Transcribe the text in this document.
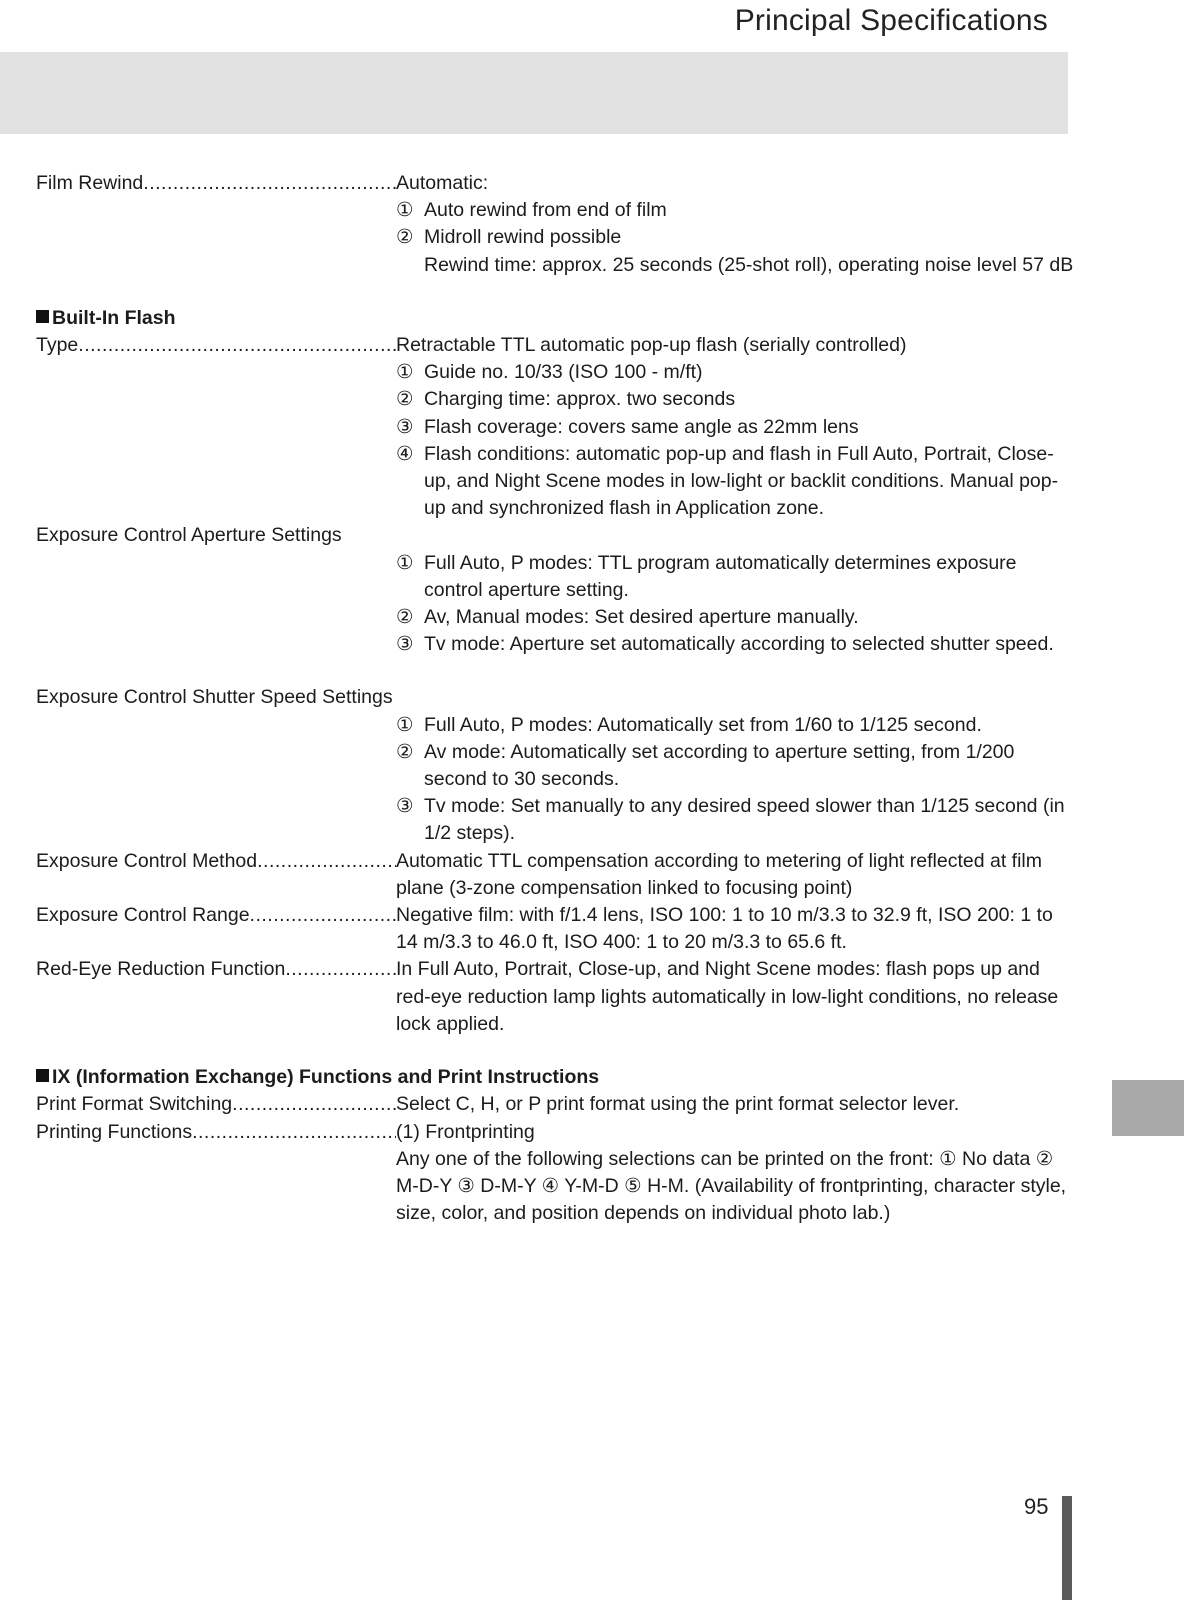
Principal Specifications
Film Rewind .....	Automatic:
① Auto rewind from end of film
② Midroll rewind possible
Rewind time: approx. 25 seconds (25-shot roll), operating noise level 57 dB
Built-In Flash
Type .....	Retractable TTL automatic pop-up flash (serially controlled)
① Guide no. 10/33 (ISO 100 - m/ft)
② Charging time: approx. two seconds
③ Flash coverage: covers same angle as 22mm lens
④ Flash conditions: automatic pop-up and flash in Full Auto, Portrait, Close-up, and Night Scene modes in low-light or backlit conditions. Manual pop-up and synchronized flash in Application zone.
Exposure Control Aperture Settings
① Full Auto, P modes: TTL program automatically determines exposure control aperture setting.
② Av, Manual modes: Set desired aperture manually.
③ Tv mode: Aperture set automatically according to selected shutter speed.
Exposure Control Shutter Speed Settings
① Full Auto, P modes: Automatically set from 1/60 to 1/125 second.
② Av mode: Automatically set according to aperture setting, from 1/200 second to 30 seconds.
③ Tv mode: Set manually to any desired speed slower than 1/125 second (in 1/2 steps).
Exposure Control Method .....	Automatic TTL compensation according to metering of light reflected at film plane (3-zone compensation linked to focusing point)
Exposure Control Range .....	Negative film: with f/1.4 lens, ISO 100: 1 to 10 m/3.3 to 32.9 ft, ISO 200: 1 to 14 m/3.3 to 46.0 ft, ISO 400: 1 to 20 m/3.3 to 65.6 ft.
Red-Eye Reduction Function .....	In Full Auto, Portrait, Close-up, and Night Scene modes: flash pops up and red-eye reduction lamp lights automatically in low-light conditions, no release lock applied.
IX (Information Exchange) Functions and Print Instructions
Print Format Switching .....	Select C, H, or P print format using the print format selector lever.
Printing Functions .....	(1) Frontprinting
Any one of the following selections can be printed on the front: ① No data ② M-D-Y ③ D-M-Y ④ Y-M-D ⑤ H-M. (Availability of frontprinting, character style, size, color, and position depends on individual photo lab.)
95
